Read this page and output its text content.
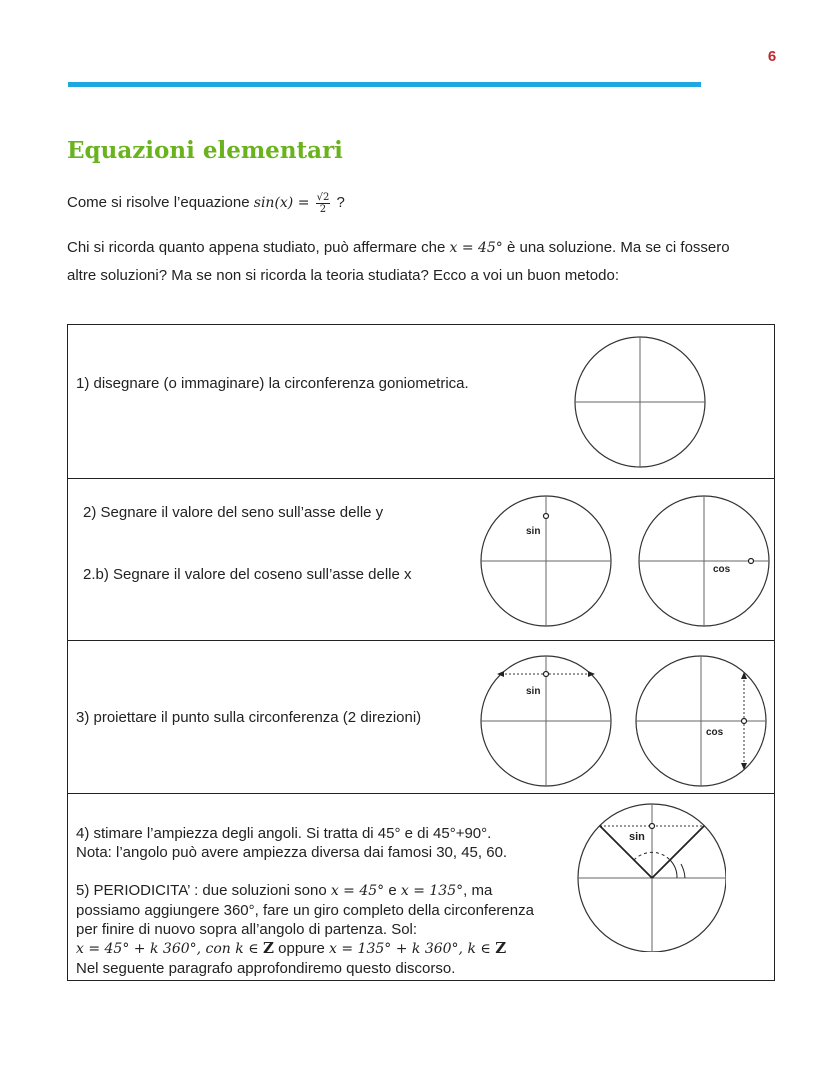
6
Equazioni elementari

Come si risolve l’equazione $\sin(x) = \frac{√2}{2}$ ?

Chi si ricorda quanto appena studiato, può affermare che x = 45° è una soluzione. Ma se ci fossero altre soluzioni? Ma se non si ricorda la teoria studiata? Ecco a voi un buon metodo:

1) disegnare (o immaginare) la circonferenza goniometrica.

2) Segnare il valore del seno sull’asse delle y

2.b) Segnare il valore del coseno sull’asse delle x

sin
cos

3) proiettare il punto sulla circonferenza (2 direzioni)

sin
cos

4) stimare l’ampiezza degli angoli. Si tratta di 45° e di 45°+90°.

Nota: l’angolo può avere ampiezza diversa dai famosi 30, 45, 60.

5) PERIODICITA’ : due soluzioni sono x = 45° e x = 135°, ma possiamo aggiungere 360°, fare un giro completo della circonferenza per finire di nuovo sopra all’angolo di partenza. Sol:

x = 45° + k 360°, con k ∈ Z oppure x = 135° + k 360°, k ∈ Z

Nel seguente paragrafo approfondiremo questo discorso.

sin
